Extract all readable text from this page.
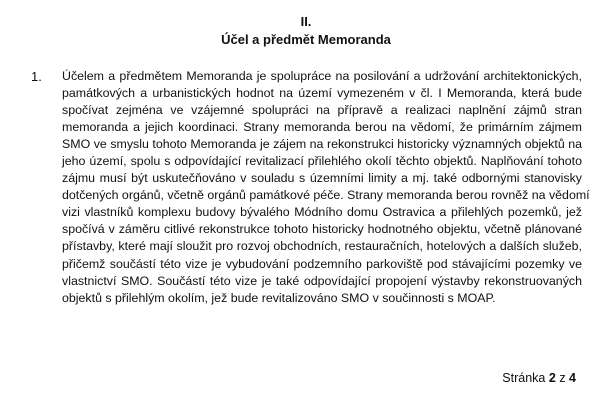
II.
Účel a předmět Memoranda
1. Účelem a předmětem Memoranda je spolupráce na posilování a udržování architektonických,
památkových a urbanistických hodnot na území vymezeném v čl. I Memoranda, která bude
spočívat zejména ve vzájemné spolupráci na přípravě a realizaci naplnění zájmů stran
memoranda a jejich koordinaci. Strany memoranda berou na vědomí, že primárním zájmem
SMO ve smyslu tohoto Memoranda je zájem na rekonstrukci historicky významných objektů na
jeho území, spolu s odpovídající revitalizací přilehlého okolí těchto objektů. Naplňování tohoto
zájmu musí být uskutečňováno v souladu s územními limity a mj. také odbornými stanovisky
dotčených orgánů, včetně orgánů památkové péče. Strany memoranda berou rovněž na vědomí
vizi vlastníků komplexu budovy bývalého Módního domu Ostravica a přilehlých pozemků, jež
spočívá v záměru citlivé rekonstrukce tohoto historicky hodnotného objektu, včetně plánované
přístavby, které mají sloužit pro rozvoj obchodních, restauračních, hotelových a dalších služeb,
přičemž součástí této vize je vybudování podzemního parkoviště pod stávajícími pozemky ve
vlastnictví SMO. Součástí této vize je také odpovídající propojení výstavby rekonstruovaných
objektů s přilehlým okolím, jež bude revitalizováno SMO v součinnosti s MOAP.
Stránka 2 z 4
